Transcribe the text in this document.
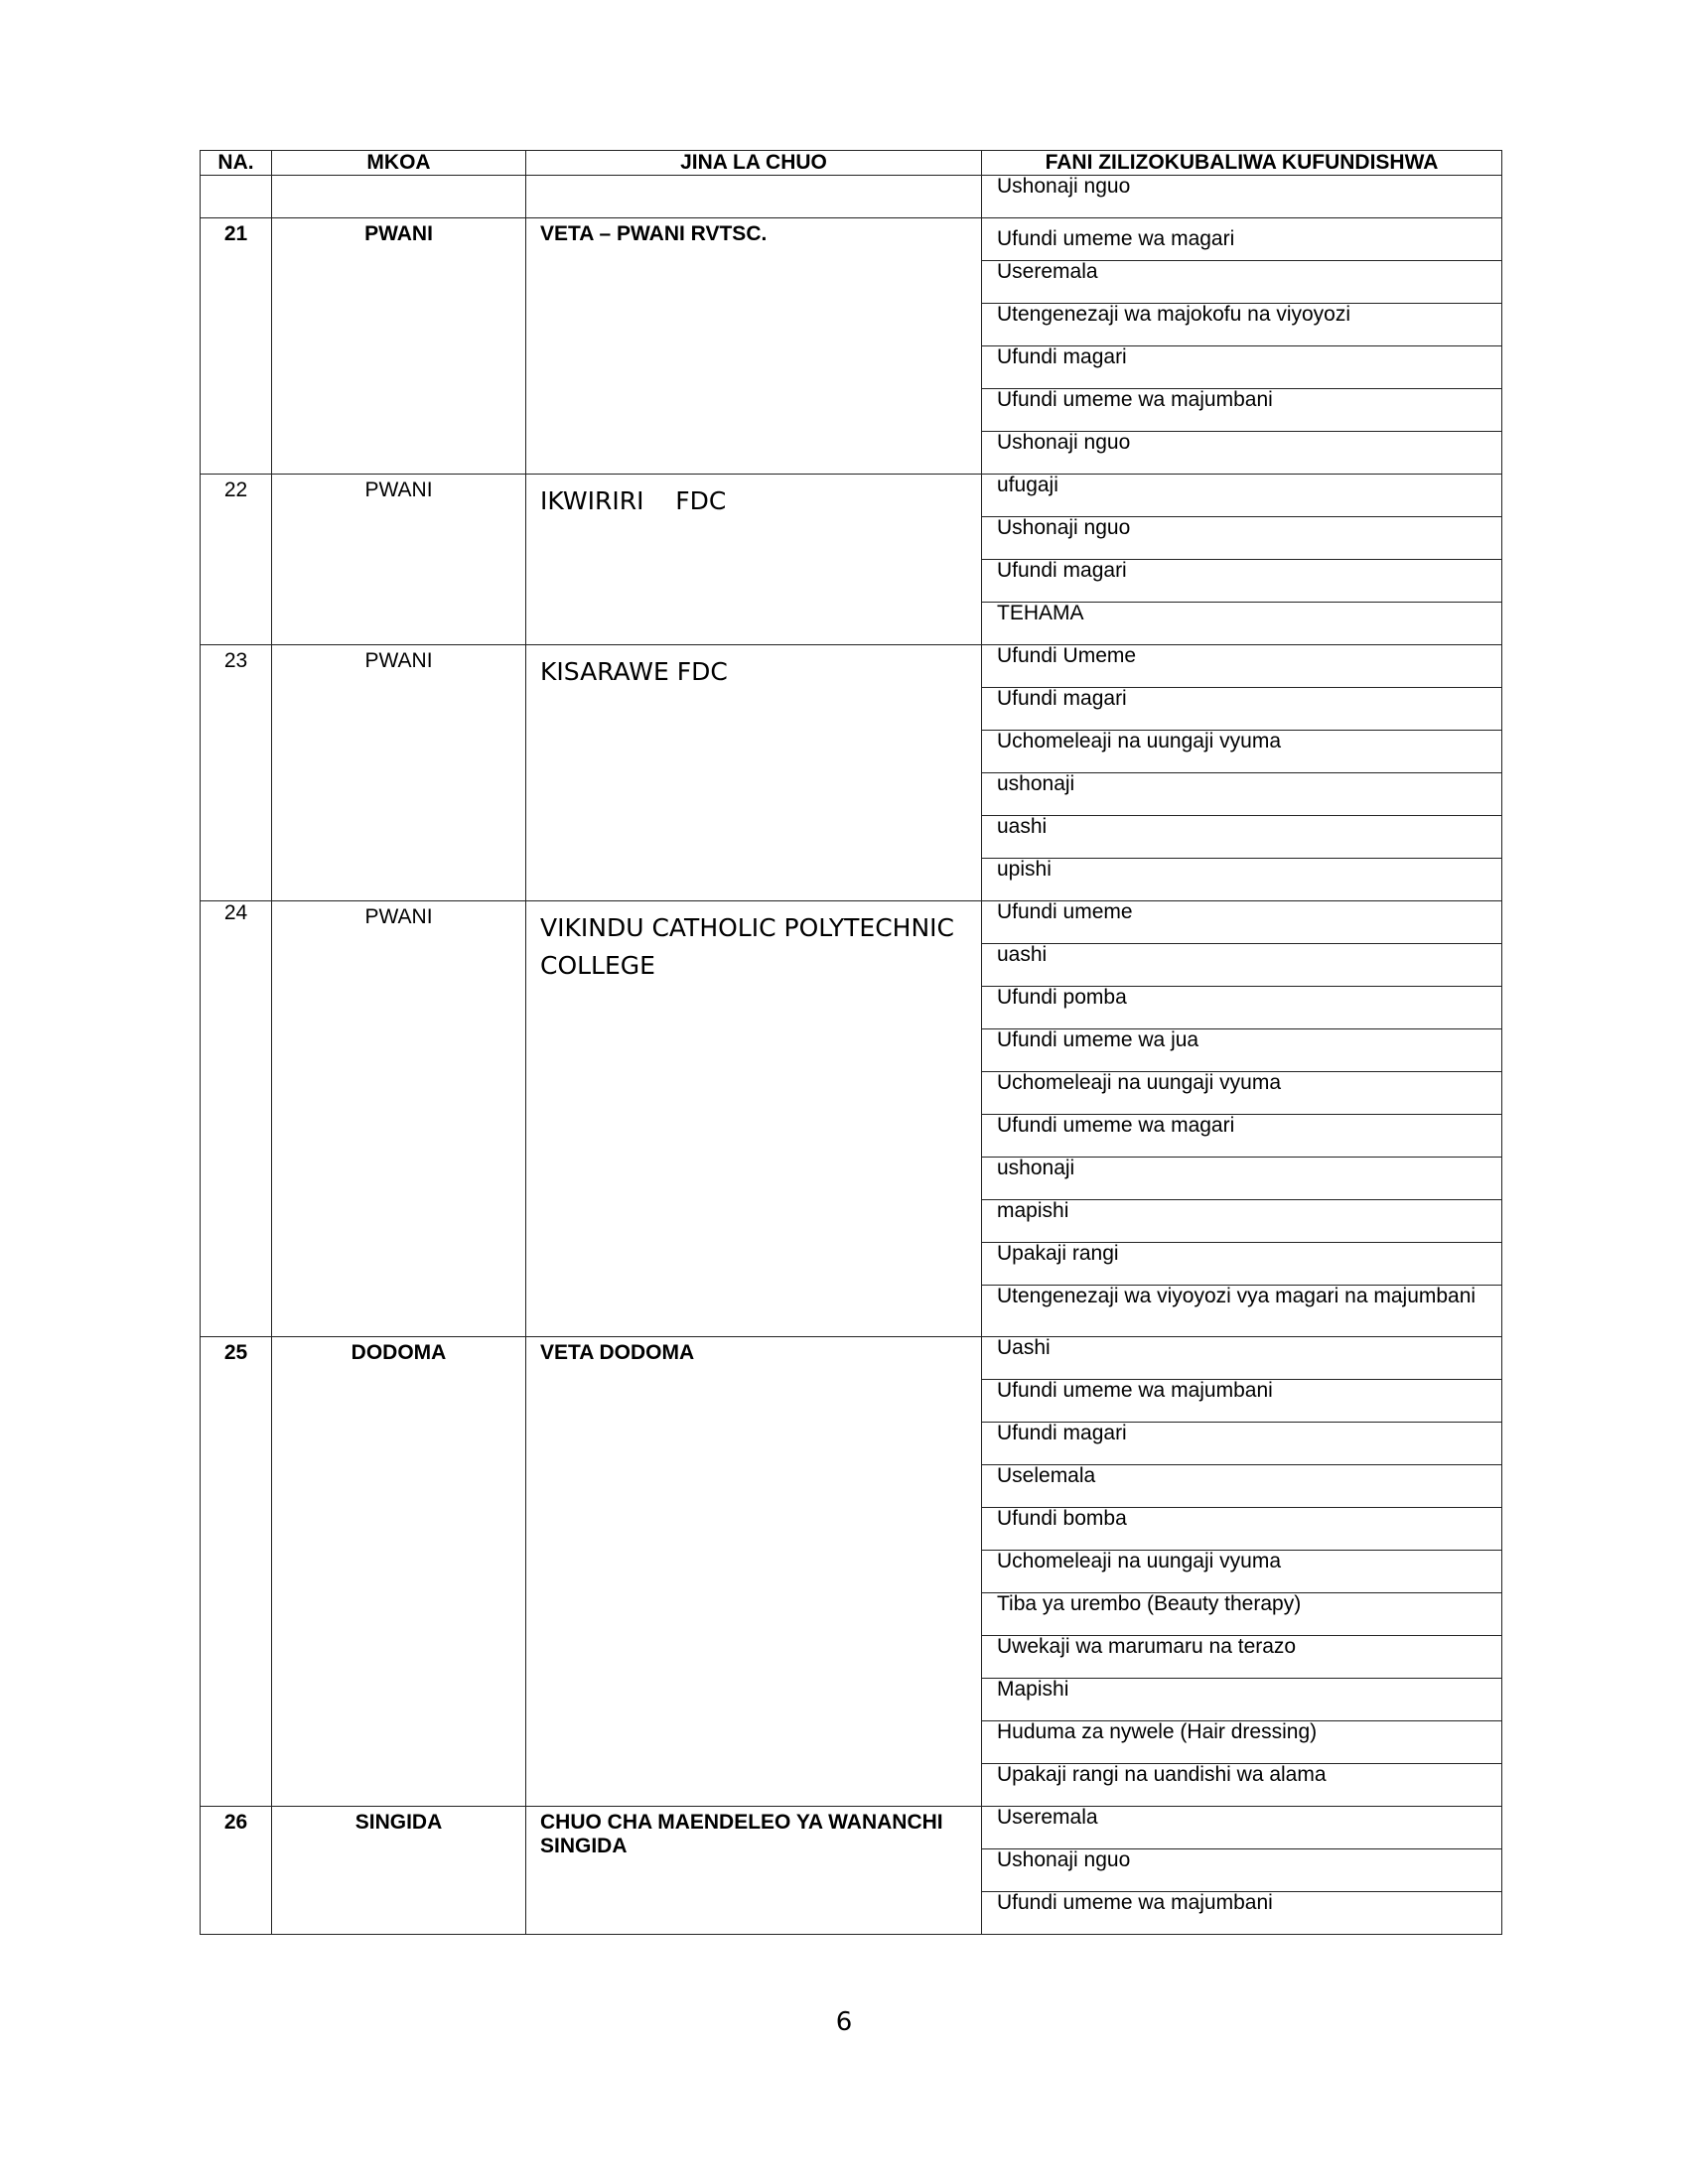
NA.	MKOA	JINA LA CHUO	FANI ZILIZOKUBALIWA KUFUNDISHWA

			Ushonaji nguo

21	PWANI	VETA – PWANI RVTSC.	Ufundi umeme wa magari

			Useremala

			Utengenezaji wa majokofu na viyoyozi

			Ufundi magari

			Ufundi umeme wa majumbani

			Ushonaji nguo

22	PWANI	IKWIRIRI    FDC	ufugaji

			Ushonaji nguo

			Ufundi magari

			TEHAMA

23	PWANI	KISARAWE FDC	Ufundi Umeme

			Ufundi magari

			Uchomeleaji na uungaji vyuma

			ushonaji

			uashi

			upishi

24	PWANI	VIKINDU CATHOLIC POLYTECHNIC COLLEGE	Ufundi umeme

			uashi

			Ufundi pomba

			Ufundi umeme wa jua

			Uchomeleaji na uungaji vyuma

			Ufundi umeme wa magari

			ushonaji

			mapishi

			Upakaji rangi

			Utengenezaji wa viyoyozi vya magari na majumbani

25	DODOMA	VETA DODOMA	Uashi

			Ufundi umeme wa majumbani

			Ufundi magari

			Uselemala

			Ufundi bomba

			Uchomeleaji na uungaji vyuma

			Tiba ya urembo (Beauty therapy)

			Uwekaji wa marumaru na terazo

			Mapishi

			Huduma za nywele (Hair dressing)

			Upakaji rangi na uandishi wa alama

26	SINGIDA	CHUO CHA MAENDELEO YA WANANCHI SINGIDA	Useremala

			Ushonaji nguo

			Ufundi umeme wa majumbani
6
